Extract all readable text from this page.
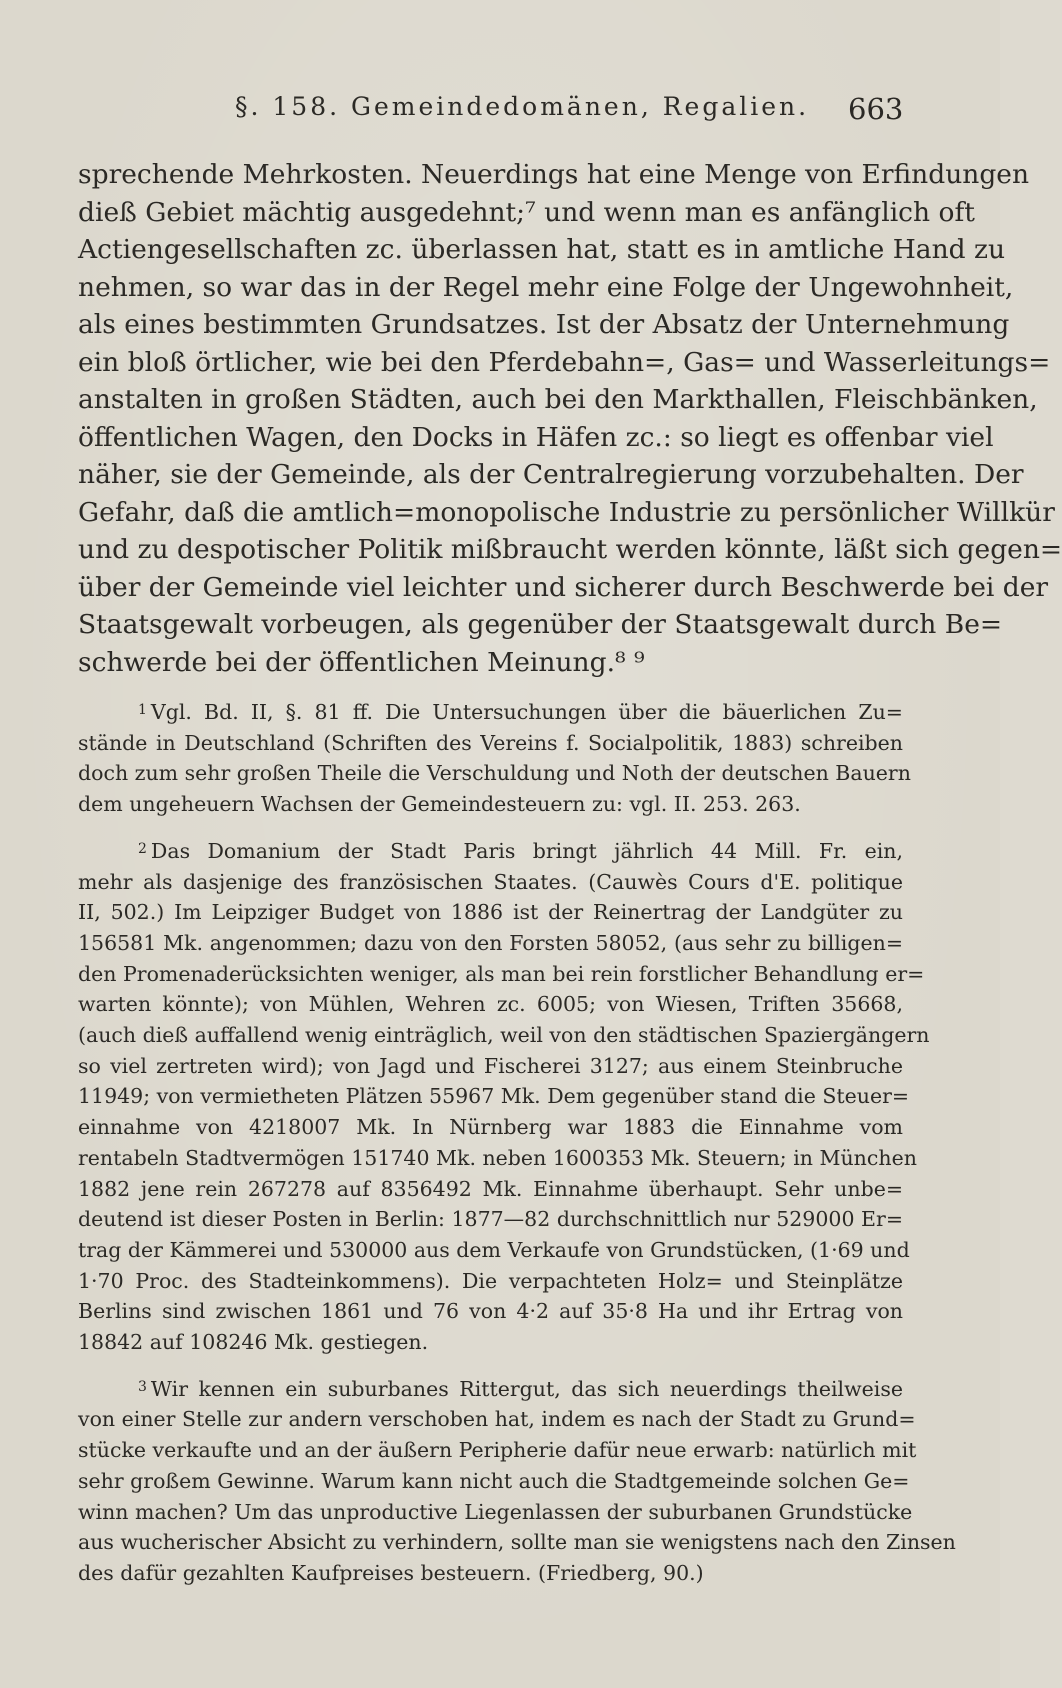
§. 158. Gemeindedomänen, Regalien. 663
sprechende Mehrkosten. Neuerdings hat eine Menge von Erfindungen
dieß Gebiet mächtig ausgedehnt;⁷ und wenn man es anfänglich oft
Actiengesellschaften zc. überlassen hat, statt es in amtliche Hand zu
nehmen, so war das in der Regel mehr eine Folge der Ungewohnheit,
als eines bestimmten Grundsatzes. Ist der Absatz der Unternehmung
ein bloß örtlicher, wie bei den Pferdebahn=, Gas= und Wasserleitungs=
anstalten in großen Städten, auch bei den Markthallen, Fleischbänken,
öffentlichen Wagen, den Docks in Häfen zc.: so liegt es offenbar viel
näher, sie der Gemeinde, als der Centralregierung vorzubehalten. Der
Gefahr, daß die amtlich=monopolische Industrie zu persönlicher Willkür
und zu despotischer Politik mißbraucht werden könnte, läßt sich gegen=
über der Gemeinde viel leichter und sicherer durch Beschwerde bei der
Staatsgewalt vorbeugen, als gegenüber der Staatsgewalt durch Be=
schwerde bei der öffentlichen Meinung.⁸ ⁹
$^1$ Vgl. Bd. II, §. 81 ff. Die Untersuchungen über die bäuerlichen Zu=
stände in Deutschland (Schriften des Vereins f. Socialpolitik, 1883) schreiben
doch zum sehr großen Theile die Verschuldung und Noth der deutschen Bauern
dem ungeheuern Wachsen der Gemeindesteuern zu: vgl. II. 253. 263.
$^2$ Das Domanium der Stadt Paris bringt jährlich 44 Mill. Fr. ein,
mehr als dasjenige des französischen Staates. (Cauwès Cours d'E. politique
II, 502.) Im Leipziger Budget von 1886 ist der Reinertrag der Landgüter zu
156581 Mk. angenommen; dazu von den Forsten 58052, (aus sehr zu billigen=
den Promenaderücksichten weniger, als man bei rein forstlicher Behandlung er=
warten könnte); von Mühlen, Wehren zc. 6005; von Wiesen, Triften 35668,
(auch dieß auffallend wenig einträglich, weil von den städtischen Spaziergängern
so viel zertreten wird); von Jagd und Fischerei 3127; aus einem Steinbruche
11949; von vermietheten Plätzen 55967 Mk. Dem gegenüber stand die Steuer=
einnahme von 4218007 Mk. In Nürnberg war 1883 die Einnahme vom
rentabeln Stadtvermögen 151740 Mk. neben 1600353 Mk. Steuern; in München
1882 jene rein 267278 auf 8356492 Mk. Einnahme überhaupt. Sehr unbe=
deutend ist dieser Posten in Berlin: 1877—82 durchschnittlich nur 529000 Er=
trag der Kämmerei und 530000 aus dem Verkaufe von Grundstücken, (1·69 und
1·70 Proc. des Stadteinkommens). Die verpachteten Holz= und Steinplätze
Berlins sind zwischen 1861 und 76 von 4·2 auf 35·8 Ha und ihr Ertrag von
18842 auf 108246 Mk. gestiegen.
$^3$ Wir kennen ein suburbanes Rittergut, das sich neuerdings theilweise
von einer Stelle zur andern verschoben hat, indem es nach der Stadt zu Grund=
stücke verkaufte und an der äußern Peripherie dafür neue erwarb: natürlich mit
sehr großem Gewinne. Warum kann nicht auch die Stadtgemeinde solchen Ge=
winn machen? Um das unproductive Liegenlassen der suburbanen Grundstücke
aus wucherischer Absicht zu verhindern, sollte man sie wenigstens nach den Zinsen
des dafür gezahlten Kaufpreises besteuern. (Friedberg, 90.)
